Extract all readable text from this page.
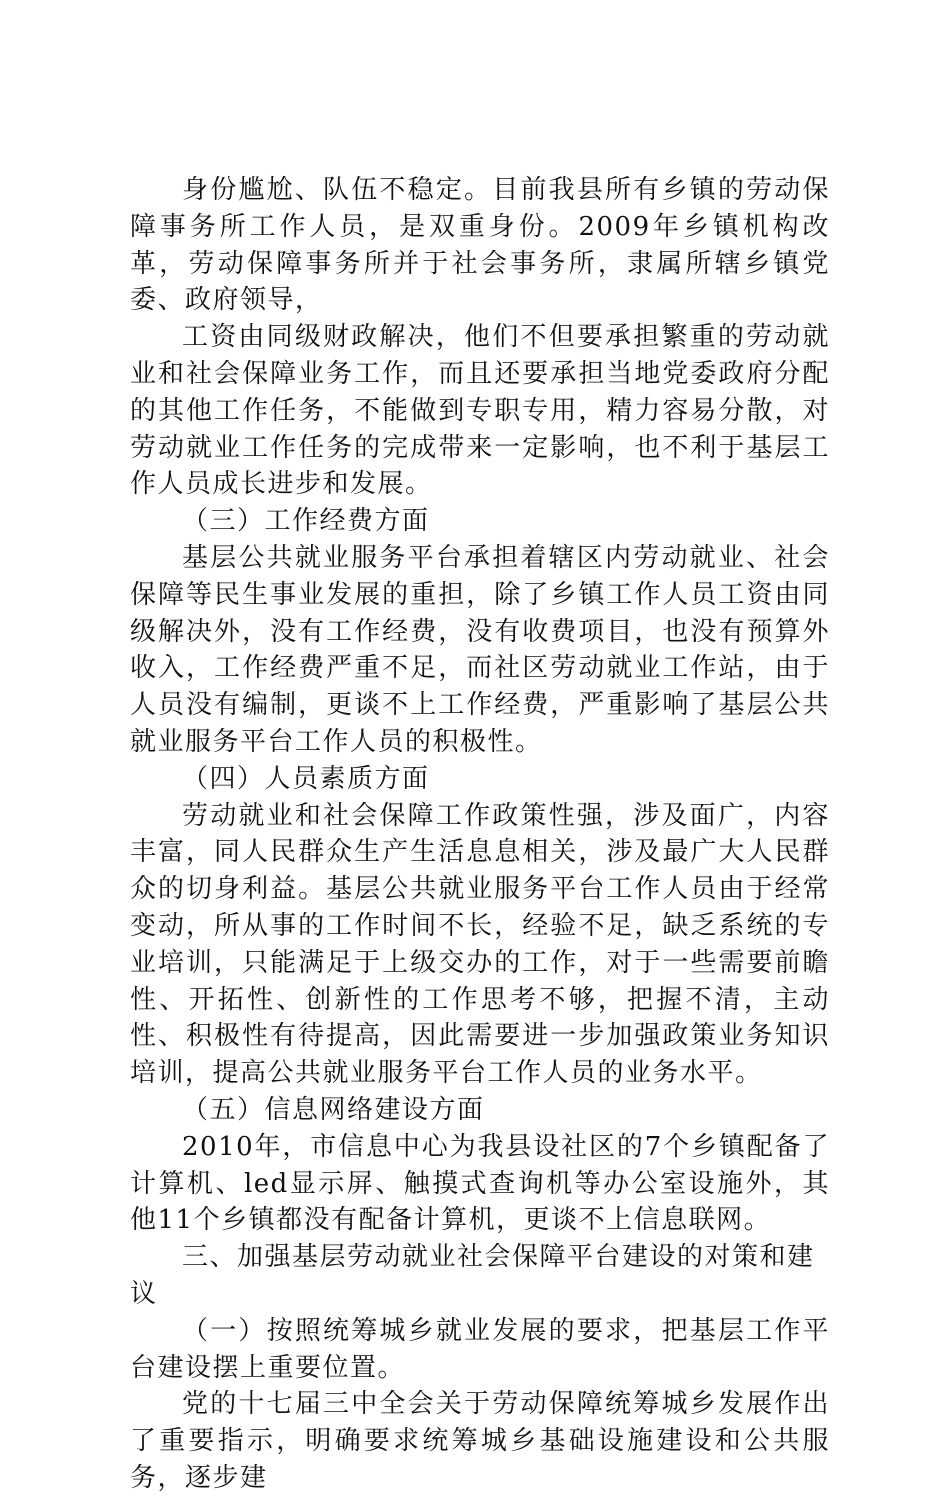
身份尴尬、队伍不稳定。目前我县所有乡镇的劳动保障事务所工作人员，是双重身份。2009年乡镇机构改革，劳动保障事务所并于社会事务所，隶属所辖乡镇党委、政府领导，

工资由同级财政解决，他们不但要承担繁重的劳动就业和社会保障业务工作，而且还要承担当地党委政府分配的其他工作任务，不能做到专职专用，精力容易分散，对劳动就业工作任务的完成带来一定影响，也不利于基层工作人员成长进步和发展。

（三）工作经费方面

基层公共就业服务平台承担着辖区内劳动就业、社会保障等民生事业发展的重担，除了乡镇工作人员工资由同级解决外，没有工作经费，没有收费项目，也没有预算外收入，工作经费严重不足，而社区劳动就业工作站，由于人员没有编制，更谈不上工作经费，严重影响了基层公共就业服务平台工作人员的积极性。

（四）人员素质方面

劳动就业和社会保障工作政策性强，涉及面广，内容丰富，同人民群众生产生活息息相关，涉及最广大人民群众的切身利益。基层公共就业服务平台工作人员由于经常变动，所从事的工作时间不长，经验不足，缺乏系统的专业培训，只能满足于上级交办的工作，对于一些需要前瞻性、开拓性、创新性的工作思考不够，把握不清，主动性、积极性有待提高，因此需要进一步加强政策业务知识培训，提高公共就业服务平台工作人员的业务水平。

（五）信息网络建设方面

2010年，市信息中心为我县设社区的7个乡镇配备了计算机、led显示屏、触摸式查询机等办公室设施外，其他11个乡镇都没有配备计算机，更谈不上信息联网。

三、加强基层劳动就业社会保障平台建设的对策和建议

（一）按照统筹城乡就业发展的要求，把基层工作平台建设摆上重要位置。

党的十七届三中全会关于劳动保障统筹城乡发展作出了重要指示，明确要求统筹城乡基础设施建设和公共服务，逐步建
